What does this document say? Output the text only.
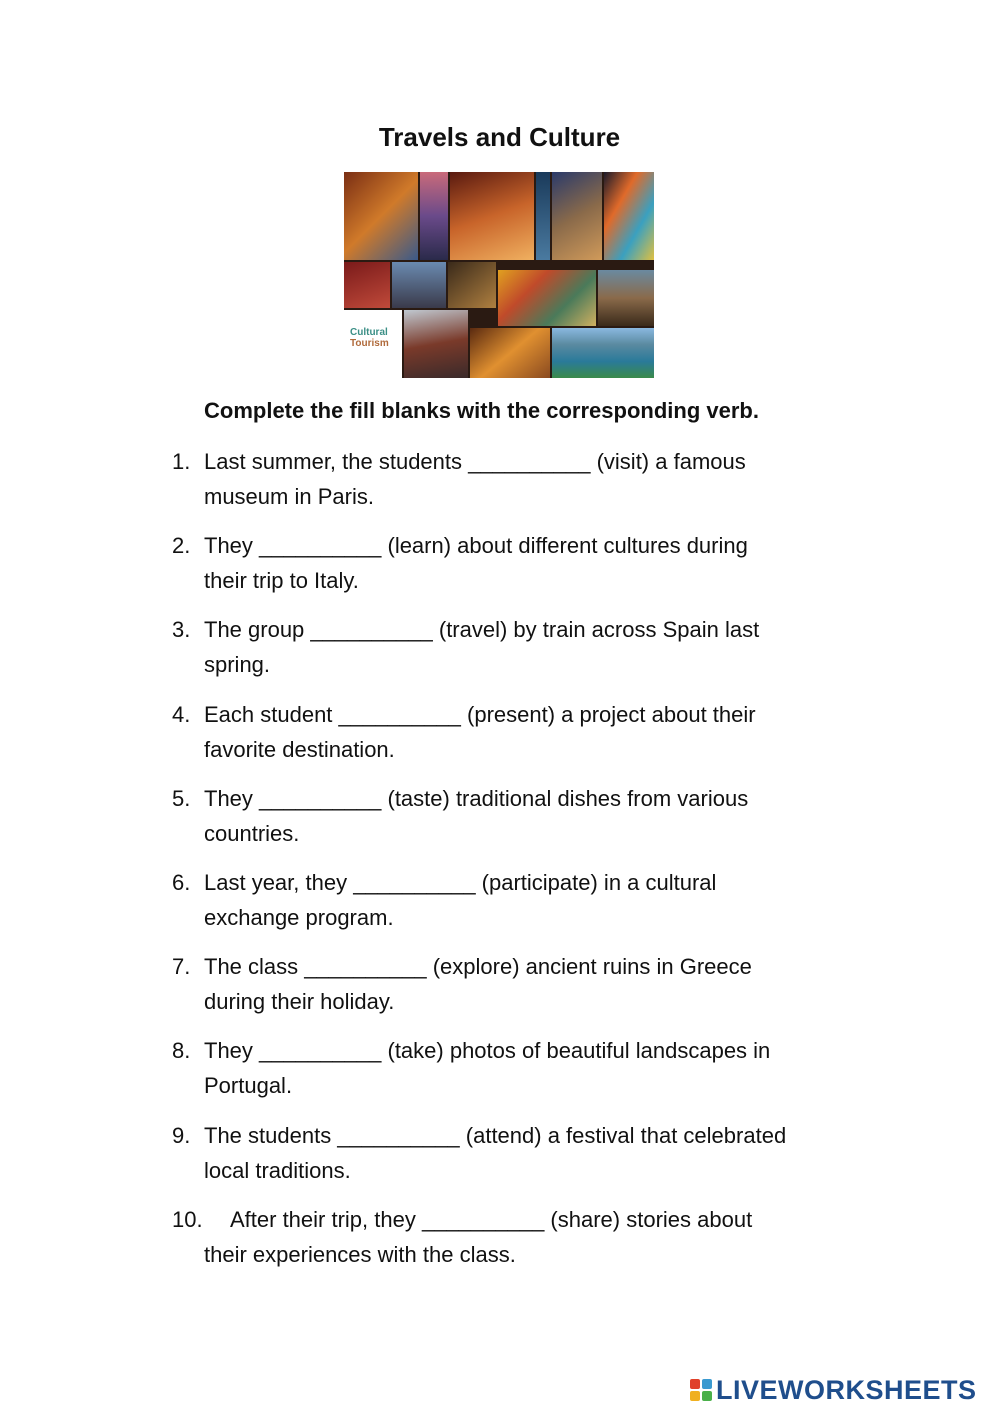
Travels and Culture
Cultural
Tourism
Complete the fill blanks with the corresponding verb.
1. Last summer, the students __________ (visit) a famous
museum in Paris.
2. They __________ (learn) about different cultures during
their trip to Italy.
3. The group __________ (travel) by train across Spain last
spring.
4. Each student __________ (present) a project about their
favorite destination.
5. They __________ (taste) traditional dishes from various
countries.
6. Last year, they __________ (participate) in a cultural
exchange program.
7. The class __________ (explore) ancient ruins in Greece
during their holiday.
8. They __________ (take) photos of beautiful landscapes in
Portugal.
9. The students __________ (attend) a festival that celebrated
local traditions.
10.	After their trip, they __________ (share) stories about
their experiences with the class.
LIVEWORKSHEETS
